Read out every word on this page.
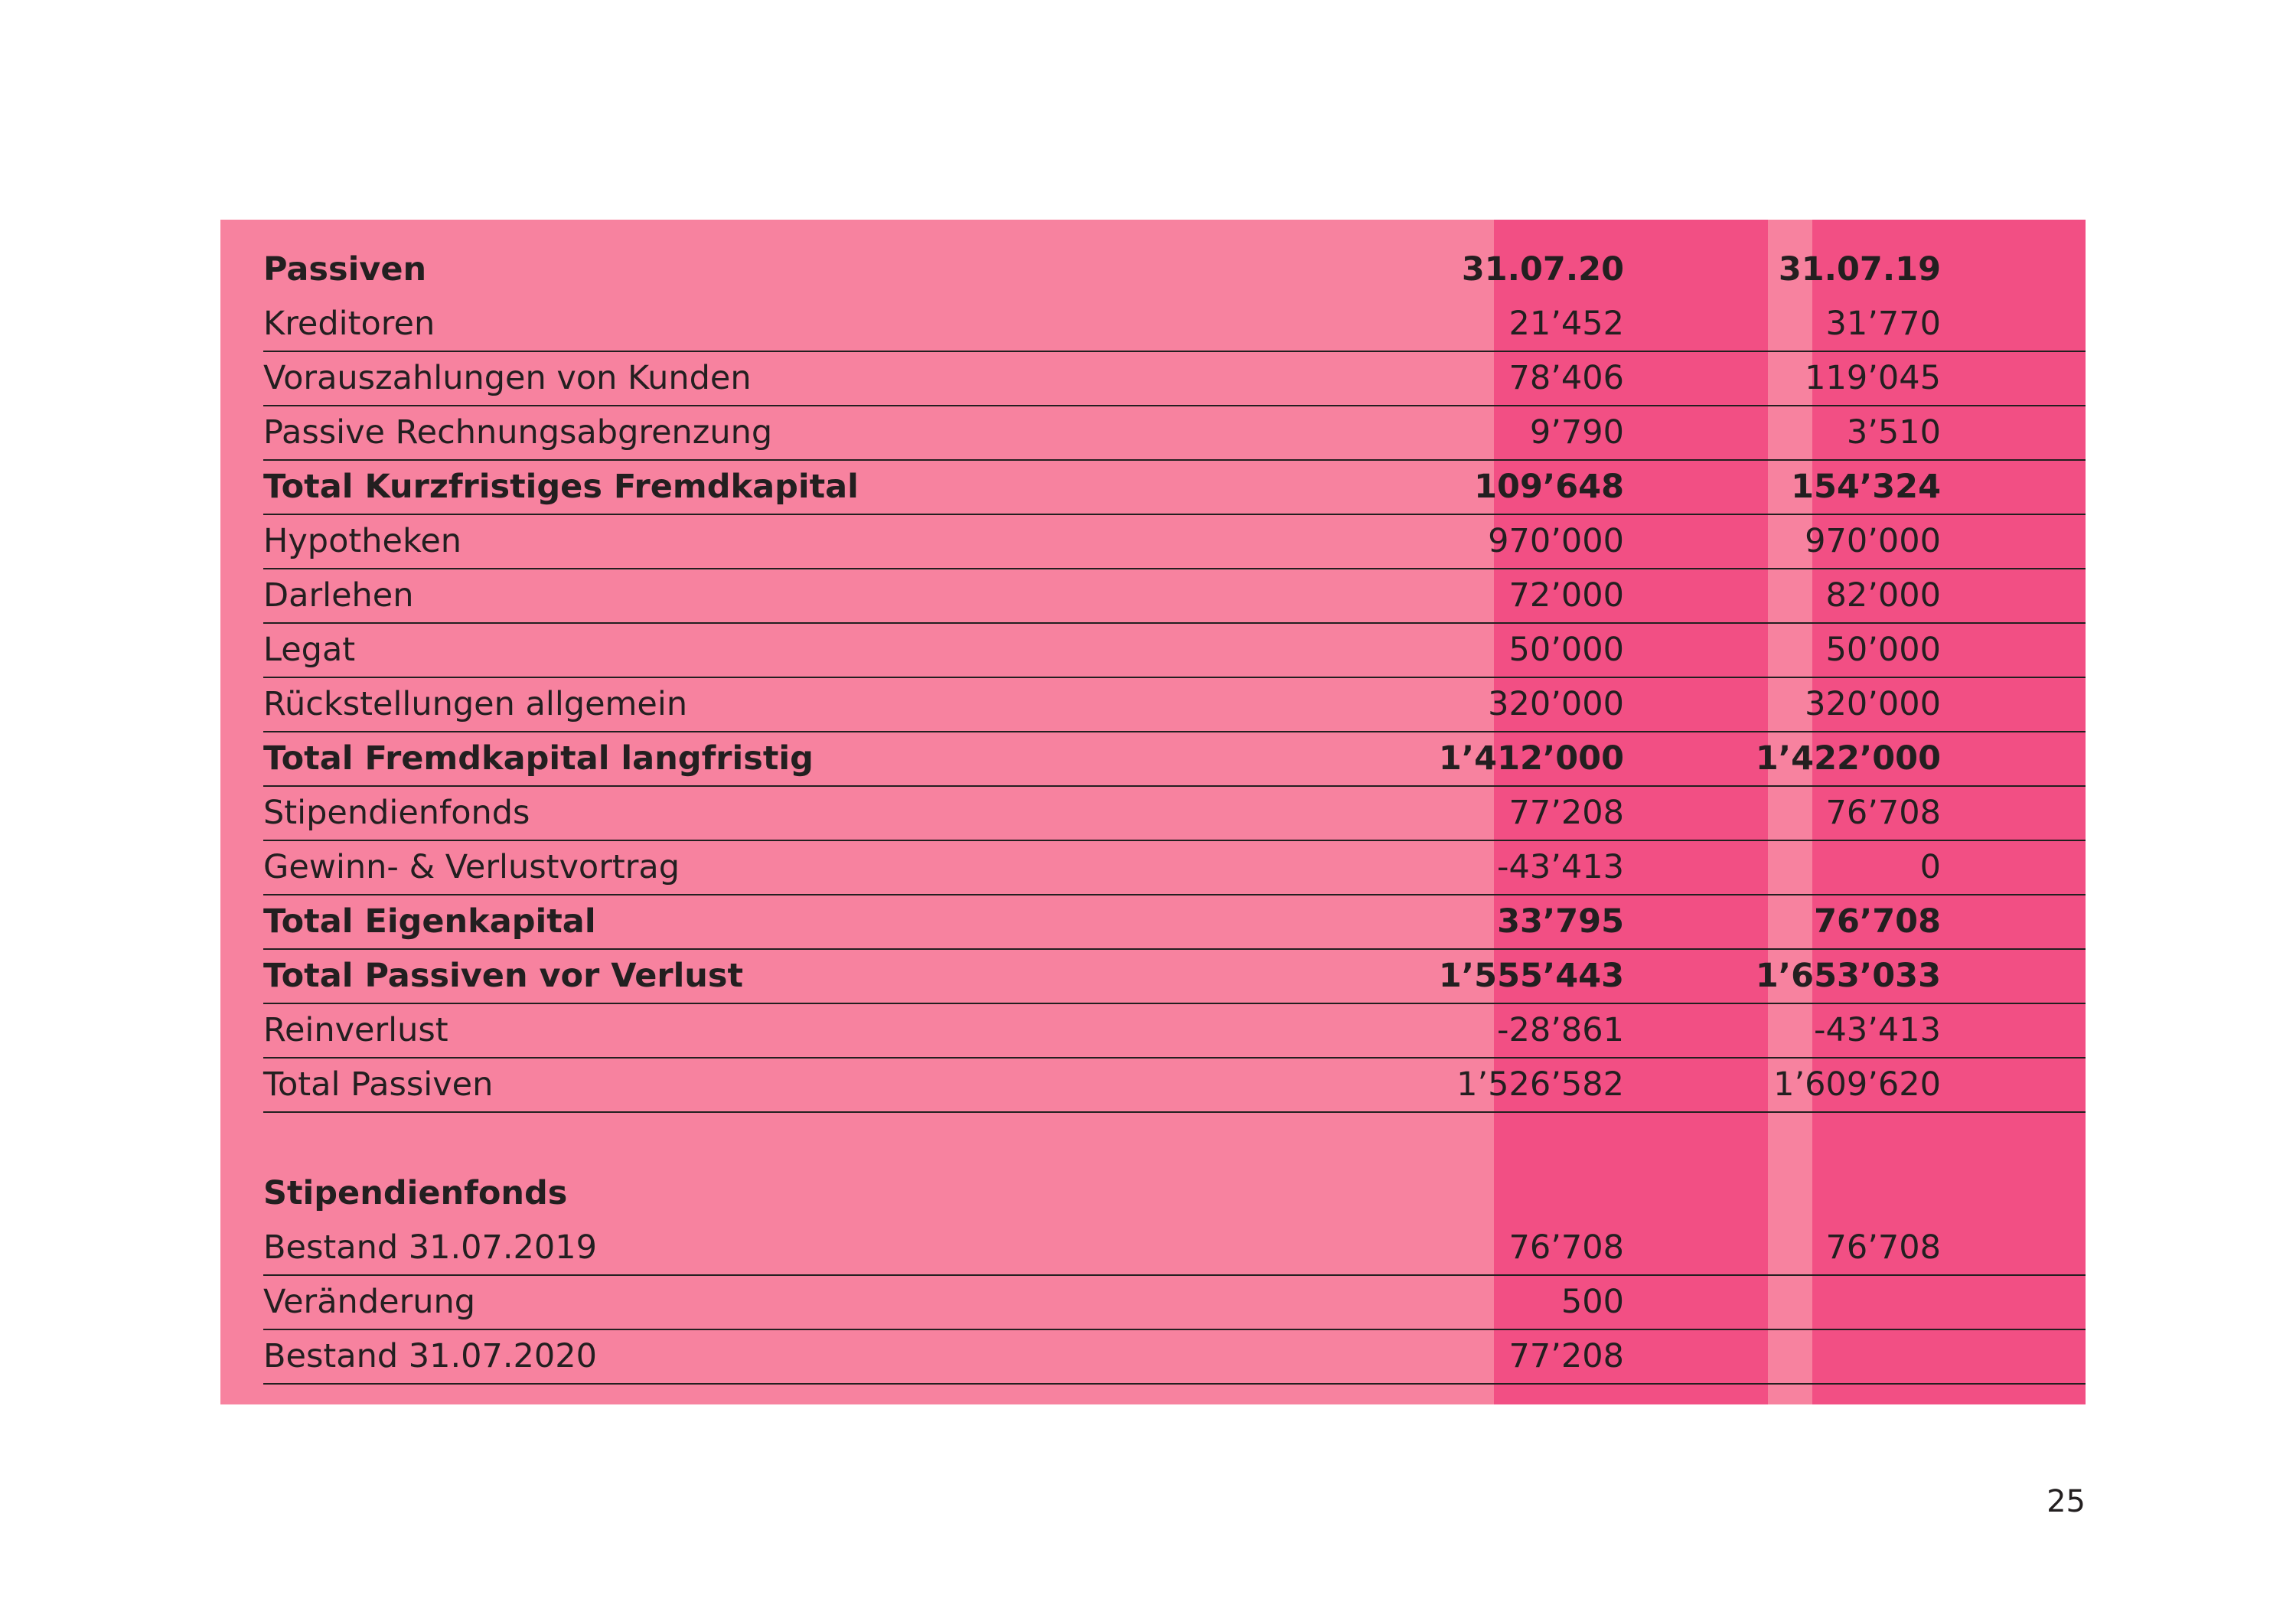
Passiven	31.07.20	31.07.19
Kreditoren	21’452	31’770
Vorauszahlungen von Kunden	78’406	119’045
Passive Rechnungsabgrenzung	9’790	3’510
Total Kurzfristiges Fremdkapital	109’648	154’324
Hypotheken	970’000	970’000
Darlehen	72’000	82’000
Legat	50’000	50’000
Rückstellungen allgemein	320’000	320’000
Total Fremdkapital langfristig	1’412’000	1’422’000
Stipendienfonds	77’208	76’708
Gewinn- & Verlustvortrag	-43’413	0
Total Eigenkapital	33’795	76’708
Total Passiven vor Verlust	1’555’443	1’653’033
Reinverlust	-28’861	-43’413
Total Passiven	1’526’582	1’609’620
Stipendienfonds
Bestand 31.07.2019	76’708	76’708
Veränderung	500
Bestand 31.07.2020	77’208
25
